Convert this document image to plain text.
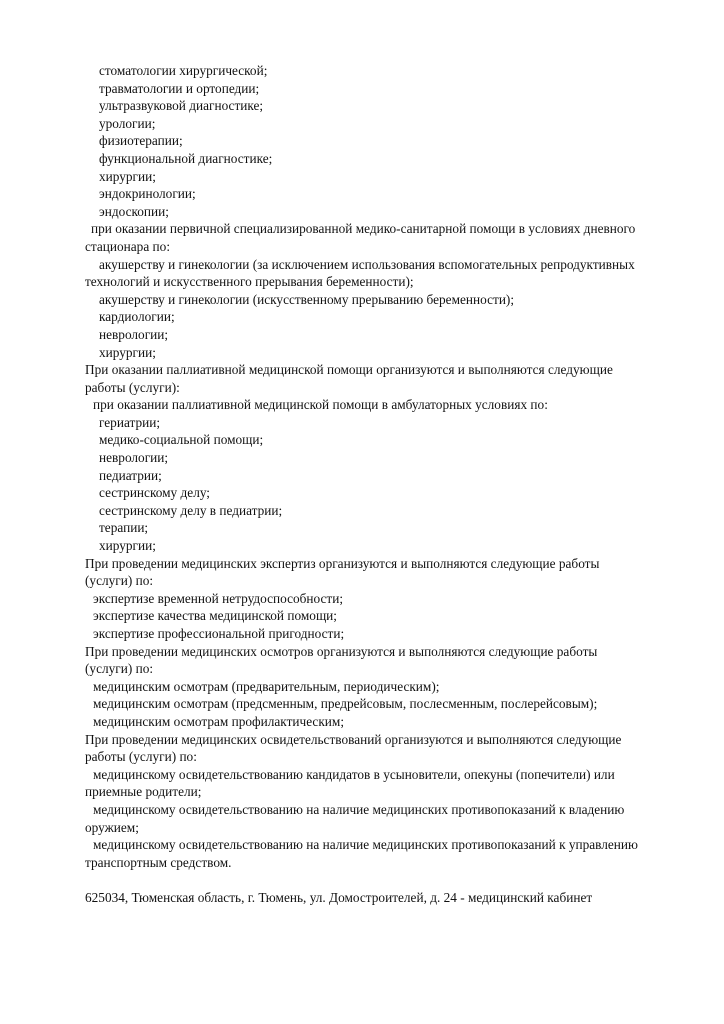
стоматологии хирургической;
травматологии и ортопедии;
ультразвуковой диагностике;
урологии;
физиотерапии;
функциональной диагностике;
хирургии;
эндокринологии;
эндоскопии;
при оказании первичной специализированной медико-санитарной помощи в условиях дневного
стационара по:
акушерству и гинекологии (за исключением использования вспомогательных репродуктивных
технологий и искусственного прерывания беременности);
акушерству и гинекологии (искусственному прерыванию беременности);
кардиологии;
неврологии;
хирургии;
При оказании паллиативной медицинской помощи организуются и выполняются следующие
работы (услуги):
при оказании паллиативной медицинской помощи в амбулаторных условиях по:
гериатрии;
медико-социальной помощи;
неврологии;
педиатрии;
сестринскому делу;
сестринскому делу в педиатрии;
терапии;
хирургии;
При проведении медицинских экспертиз организуются и выполняются следующие работы
(услуги) по:
экспертизе временной нетрудоспособности;
экспертизе качества медицинской помощи;
экспертизе профессиональной пригодности;
При проведении медицинских осмотров организуются и выполняются следующие работы
(услуги) по:
медицинским осмотрам (предварительным, периодическим);
медицинским осмотрам (предсменным, предрейсовым, послесменным, послерейсовым);
медицинским осмотрам профилактическим;
При проведении медицинских освидетельствований организуются и выполняются следующие
работы (услуги) по:
медицинскому освидетельствованию кандидатов в усыновители, опекуны (попечители) или
приемные родители;
медицинскому освидетельствованию на наличие медицинских противопоказаний к владению
оружием;
медицинскому освидетельствованию на наличие медицинских противопоказаний к управлению
транспортным средством.
625034, Тюменская область, г. Тюмень, ул. Домостроителей, д. 24 - медицинский кабинет
